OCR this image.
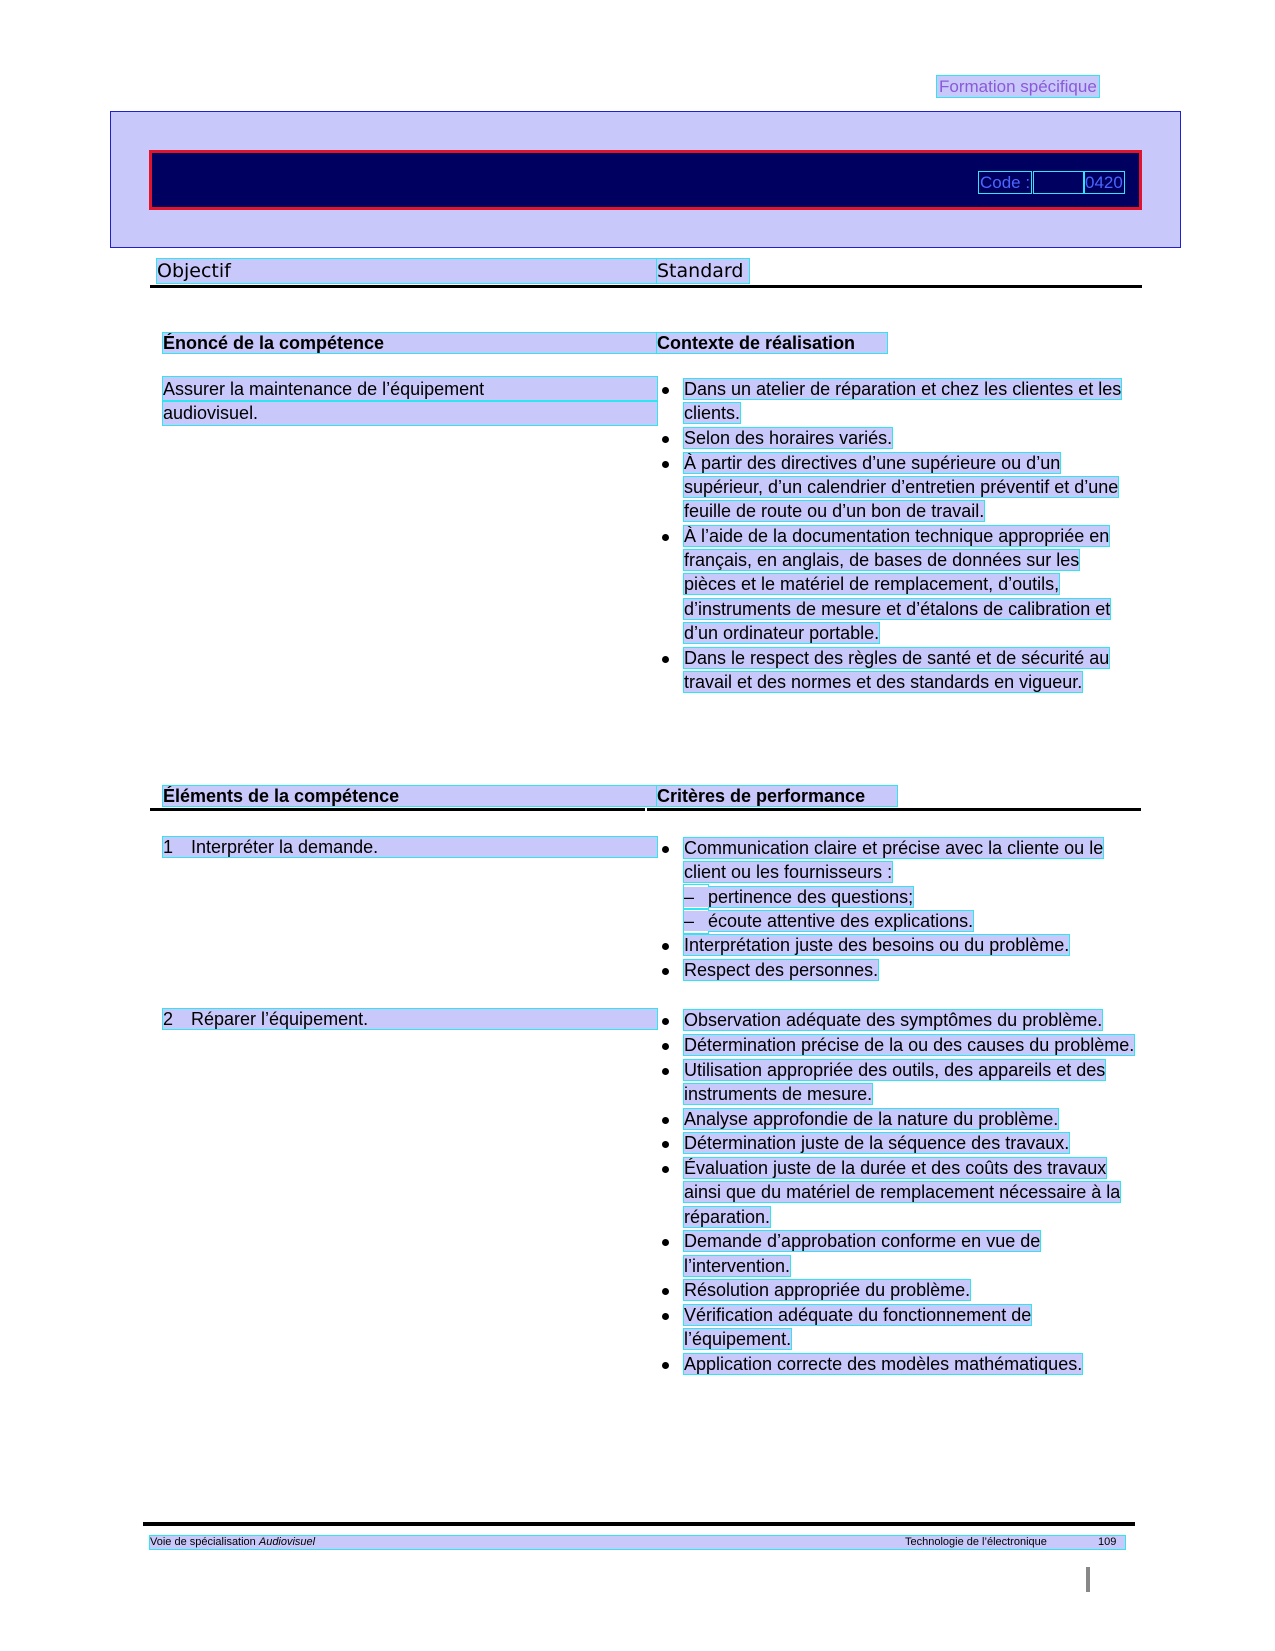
Formation spécifique
Code :	0420
Objectif	Standard
Énoncé de la compétence	Contexte de réalisation
Assurer la maintenance de l’équipement
audiovisuel.
Dans un atelier de réparation et chez les clientes et les clients.
Selon des horaires variés.
À partir des directives d’une supérieure ou d’un supérieur, d’un calendrier d’entretien préventif et d’une feuille de route ou d’un bon de travail.
À l’aide de la documentation technique appropriée en français, en anglais, de bases de données sur les pièces et le matériel de remplacement, d’outils, d’instruments de mesure et d’étalons de calibration et d’un ordinateur portable.
Dans le respect des règles de santé et de sécurité au travail et des normes et des standards en vigueur.
Éléments de la compétence	Critères de performance
1 Interpréter la demande.	Communication claire et précise avec la cliente ou le client ou les fournisseurs :
– pertinence des questions;
– écoute attentive des explications.
Interprétation juste des besoins ou du problème.
Respect des personnes.
2 Réparer l’équipement.	Observation adéquate des symptômes du problème.
Détermination précise de la ou des causes du problème.
Utilisation appropriée des outils, des appareils et des instruments de mesure.
Analyse approfondie de la nature du problème.
Détermination juste de la séquence des travaux.
Évaluation juste de la durée et des coûts des travaux ainsi que du matériel de remplacement nécessaire à la réparation.
Demande d’approbation conforme en vue de l’intervention.
Résolution appropriée du problème.
Vérification adéquate du fonctionnement de l’équipement.
Application correcte des modèles mathématiques.
Voie de spécialisation Audiovisuel	Technologie de l’électronique	109
